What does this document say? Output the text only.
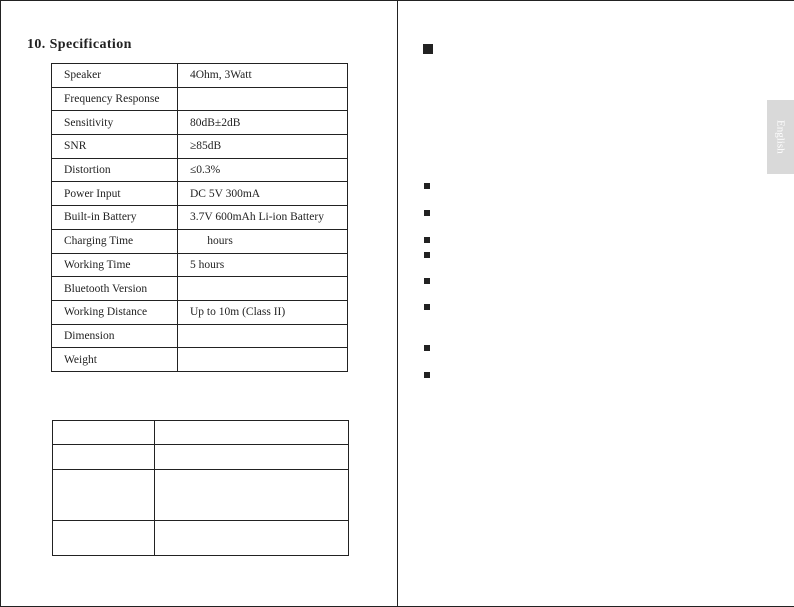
10. Specification
Speaker	4Ohm, 3Watt
Frequency Response	
Sensitivity	80dB±2dB
SNR	≥85dB
Distortion	≤0.3%
Power Input	DC 5V 300mA
Built-in Battery	3.7V 600mAh Li-ion Battery
Charging Time	hours
Working Time	5 hours
Bluetooth Version	
Working Distance	Up to 10m (Class II)
Dimension	
Weight	

English
